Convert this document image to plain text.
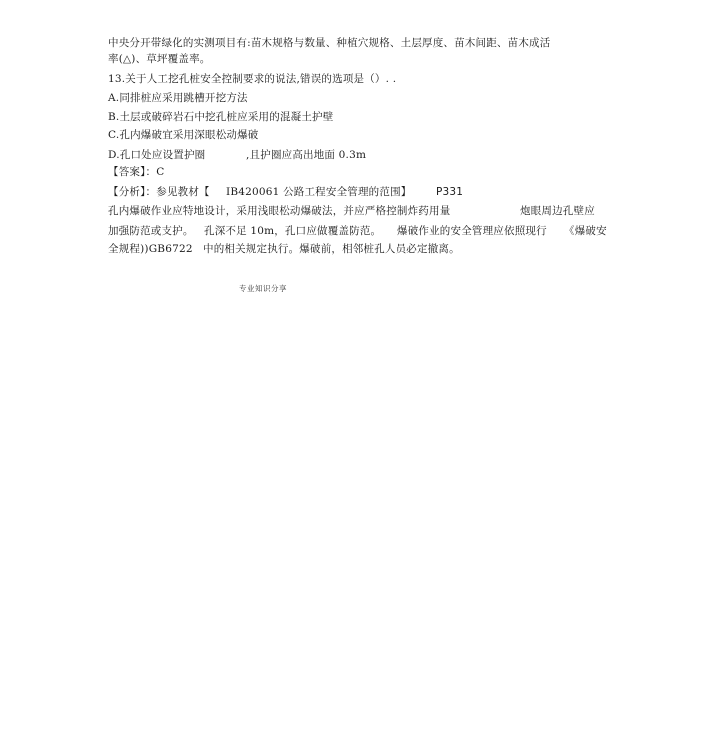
中央分开带绿化的实测项目有:苗木规格与数量、种植穴规格、土层厚度、苗木间距、苗木成活
率(△)、草坪覆盖率。
13.关于人工挖孔桩安全控制要求的说法,错误的选项是（）. .
A.同排桩应采用跳槽开挖方法
B.土层或破碎岩石中挖孔桩应采用的混凝土护壁
C.孔内爆破宜采用深眼松动爆破
D.孔口处应设置护圈	,且护圈应高出地面 0.3m
【答案】：C
【分析】：参见教材【 IB420061 公路工程安全管理的范围】 P331
孔内爆破作业应特地设计，采用浅眼松动爆破法，并应严格控制炸药用量	炮眼周边孔壁应
加强防范或支护。 孔深不足 10m，孔口应做覆盖防范。 爆破作业的安全管理应依照现行 《爆破安
全规程))GB6722 中的相关规定执行。爆破前，相邻桩孔人员必定撤离。
专业知识分享
